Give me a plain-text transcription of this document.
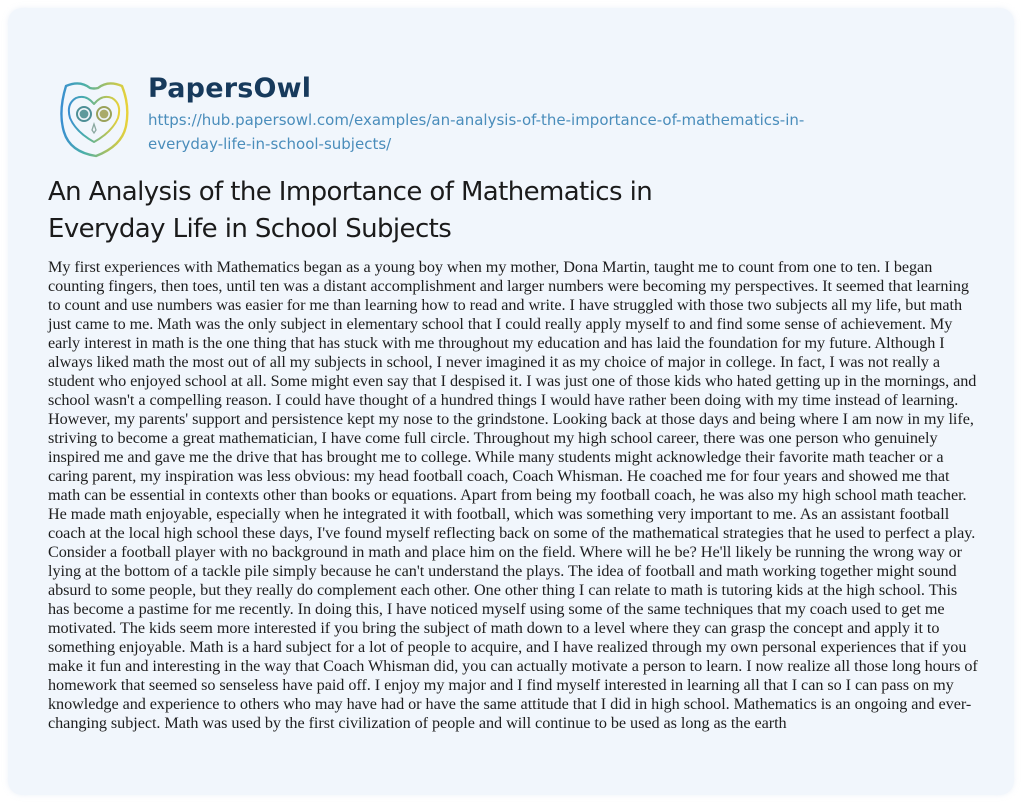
PapersOwl
https://hub.papersowl.com/examples/an-analysis-of-the-importance-of-mathematics-in-
everyday-life-in-school-subjects/
An Analysis of the Importance of Mathematics in
Everyday Life in School Subjects
My first experiences with Mathematics began as a young boy when my mother, Dona Martin, taught me to count from one to ten. I began
counting fingers, then toes, until ten was a distant accomplishment and larger numbers were becoming my perspectives. It seemed that learning
to count and use numbers was easier for me than learning how to read and write. I have struggled with those two subjects all my life, but math
just came to me. Math was the only subject in elementary school that I could really apply myself to and find some sense of achievement. My
early interest in math is the one thing that has stuck with me throughout my education and has laid the foundation for my future. Although I
always liked math the most out of all my subjects in school, I never imagined it as my choice of major in college. In fact, I was not really a
student who enjoyed school at all. Some might even say that I despised it. I was just one of those kids who hated getting up in the mornings, and
school wasn't a compelling reason. I could have thought of a hundred things I would have rather been doing with my time instead of learning.
However, my parents' support and persistence kept my nose to the grindstone. Looking back at those days and being where I am now in my life,
striving to become a great mathematician, I have come full circle. Throughout my high school career, there was one person who genuinely
inspired me and gave me the drive that has brought me to college. While many students might acknowledge their favorite math teacher or a
caring parent, my inspiration was less obvious: my head football coach, Coach Whisman. He coached me for four years and showed me that
math can be essential in contexts other than books or equations. Apart from being my football coach, he was also my high school math teacher.
He made math enjoyable, especially when he integrated it with football, which was something very important to me. As an assistant football
coach at the local high school these days, I've found myself reflecting back on some of the mathematical strategies that he used to perfect a play.
Consider a football player with no background in math and place him on the field. Where will he be? He'll likely be running the wrong way or
lying at the bottom of a tackle pile simply because he can't understand the plays. The idea of football and math working together might sound
absurd to some people, but they really do complement each other. One other thing I can relate to math is tutoring kids at the high school. This
has become a pastime for me recently. In doing this, I have noticed myself using some of the same techniques that my coach used to get me
motivated. The kids seem more interested if you bring the subject of math down to a level where they can grasp the concept and apply it to
something enjoyable. Math is a hard subject for a lot of people to acquire, and I have realized through my own personal experiences that if you
make it fun and interesting in the way that Coach Whisman did, you can actually motivate a person to learn. I now realize all those long hours of
homework that seemed so senseless have paid off. I enjoy my major and I find myself interested in learning all that I can so I can pass on my
knowledge and experience to others who may have had or have the same attitude that I did in high school. Mathematics is an ongoing and ever-
changing subject. Math was used by the first civilization of people and will continue to be used as long as the earth
